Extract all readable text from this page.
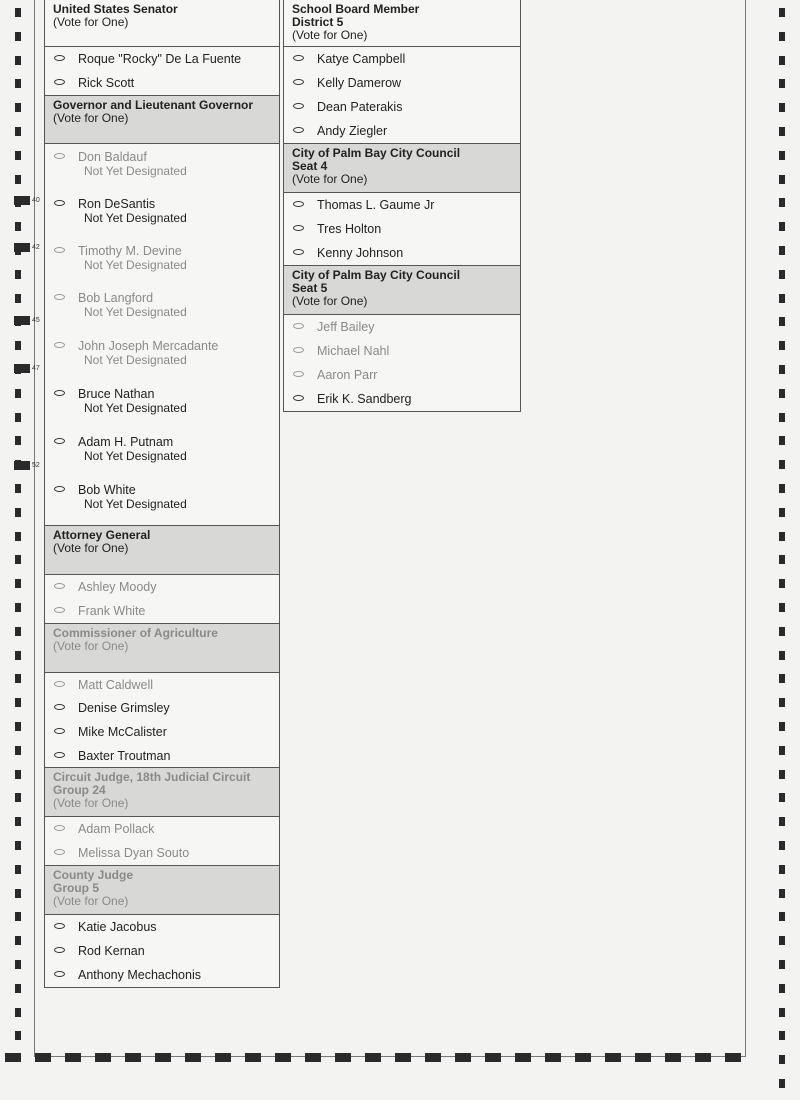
United States Senator
(Vote for One)
Roque "Rocky" De La Fuente
Rick Scott
Governor and Lieutenant Governor
(Vote for One)
Don Baldauf
Not Yet Designated
Ron DeSantis
Not Yet Designated
Timothy M. Devine
Not Yet Designated
Bob Langford
Not Yet Designated
John Joseph Mercadante
Not Yet Designated
Bruce Nathan
Not Yet Designated
Adam H. Putnam
Not Yet Designated
Bob White
Not Yet Designated
Attorney General
(Vote for One)
Ashley Moody
Frank White
Commissioner of Agriculture
(Vote for One)
Matt Caldwell
Denise Grimsley
Mike McCalister
Baxter Troutman
Circuit Judge, 18th Judicial Circuit
Group 24
(Vote for One)
Adam Pollack
Melissa Dyan Souto
County Judge
Group 5
(Vote for One)
Katie Jacobus
Rod Kernan
Anthony Mechachonis
School Board Member
District 5
(Vote for One)
Katye Campbell
Kelly Damerow
Dean Paterakis
Andy Ziegler
City of Palm Bay City Council
Seat 4
(Vote for One)
Thomas L. Gaume Jr
Tres Holton
Kenny Johnson
City of Palm Bay City Council
Seat 5
(Vote for One)
Jeff Bailey
Michael Nahl
Aaron Parr
Erik K. Sandberg
40
42
45
47
52
